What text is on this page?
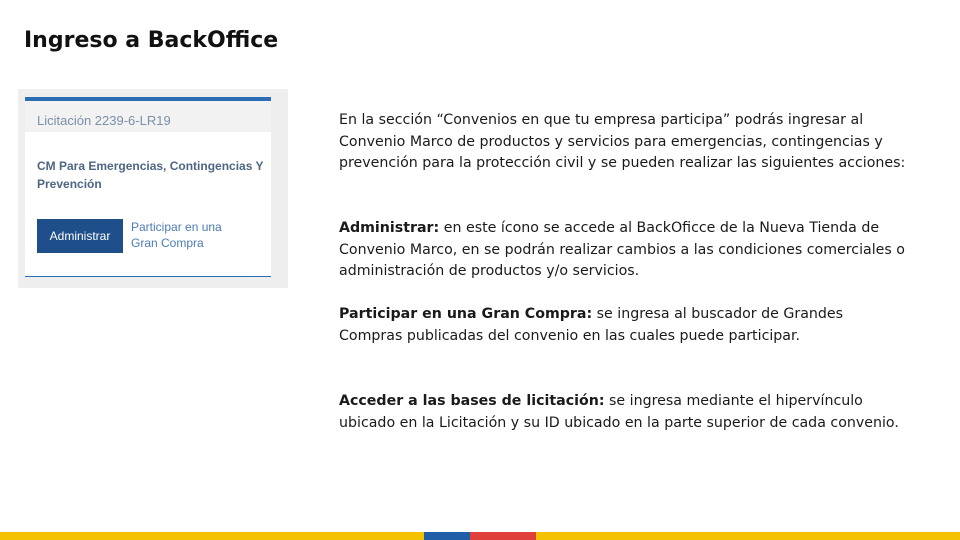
Ingreso a BackOffice
Licitación 2239-6-LR19
CM Para Emergencias, Contingencias Y Prevención
Administrar
Participar en una Gran Compra

En la sección “Convenios en que tu empresa participa” podrás ingresar al Convenio Marco de productos y servicios para emergencias, contingencias y prevención para la protección civil y se pueden realizar las siguientes acciones:

Administrar: en este ícono se accede al BackOficce de la Nueva Tienda de Convenio Marco, en se podrán realizar cambios a las condiciones comerciales o administración de productos y/o servicios.

Participar en una Gran Compra: se ingresa al buscador de Grandes Compras publicadas del convenio en las cuales puede participar.

Acceder a las bases de licitación: se ingresa mediante el hipervínculo ubicado en la Licitación y su ID ubicado en la parte superior de cada convenio.
